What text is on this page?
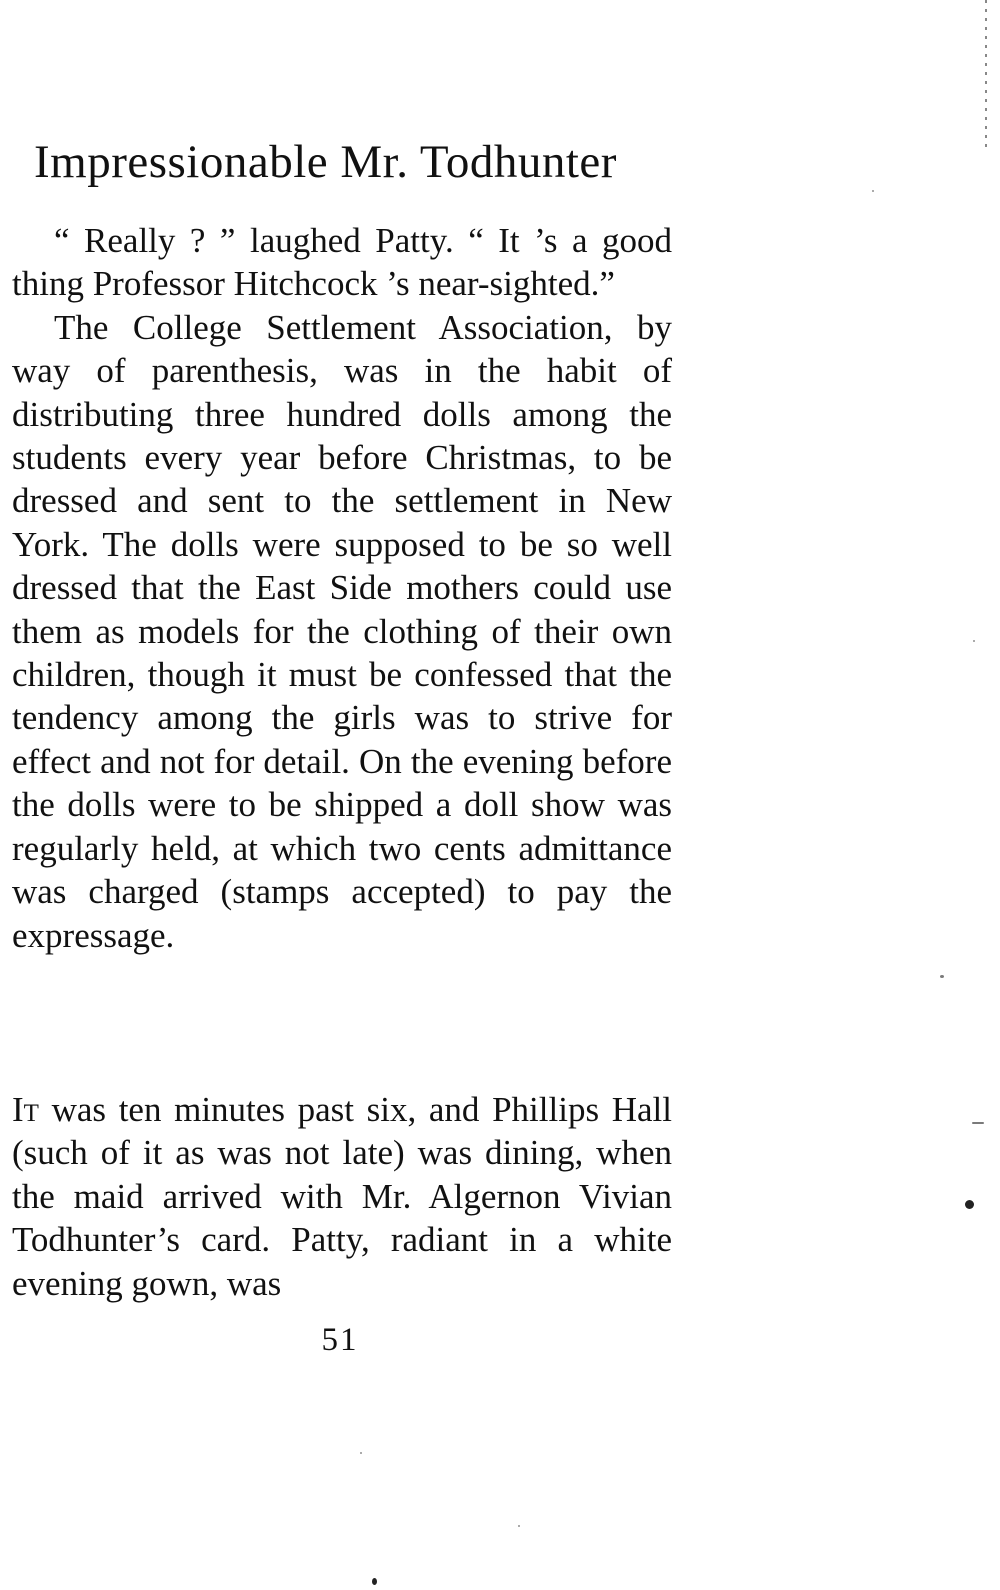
Impressionable Mr. Todhunter

“ Really ? ” laughed Patty. “ It ’s a good thing Professor Hitchcock ’s near-sighted.”

The College Settlement Association, by way of parenthesis, was in the habit of distributing three hundred dolls among the students every year before Christmas, to be dressed and sent to the settlement in New York. The dolls were supposed to be so well dressed that the East Side mothers could use them as models for the clothing of their own children, though it must be confessed that the tendency among the girls was to strive for effect and not for detail. On the evening before the dolls were to be shipped a doll show was regularly held, at which two cents admittance was charged (stamps accepted) to pay the expressage.

It was ten minutes past six, and Phillips Hall (such of it as was not late) was dining, when the maid arrived with Mr. Algernon Vivian Todhunter’s card. Patty, radiant in a white evening gown, was

51
